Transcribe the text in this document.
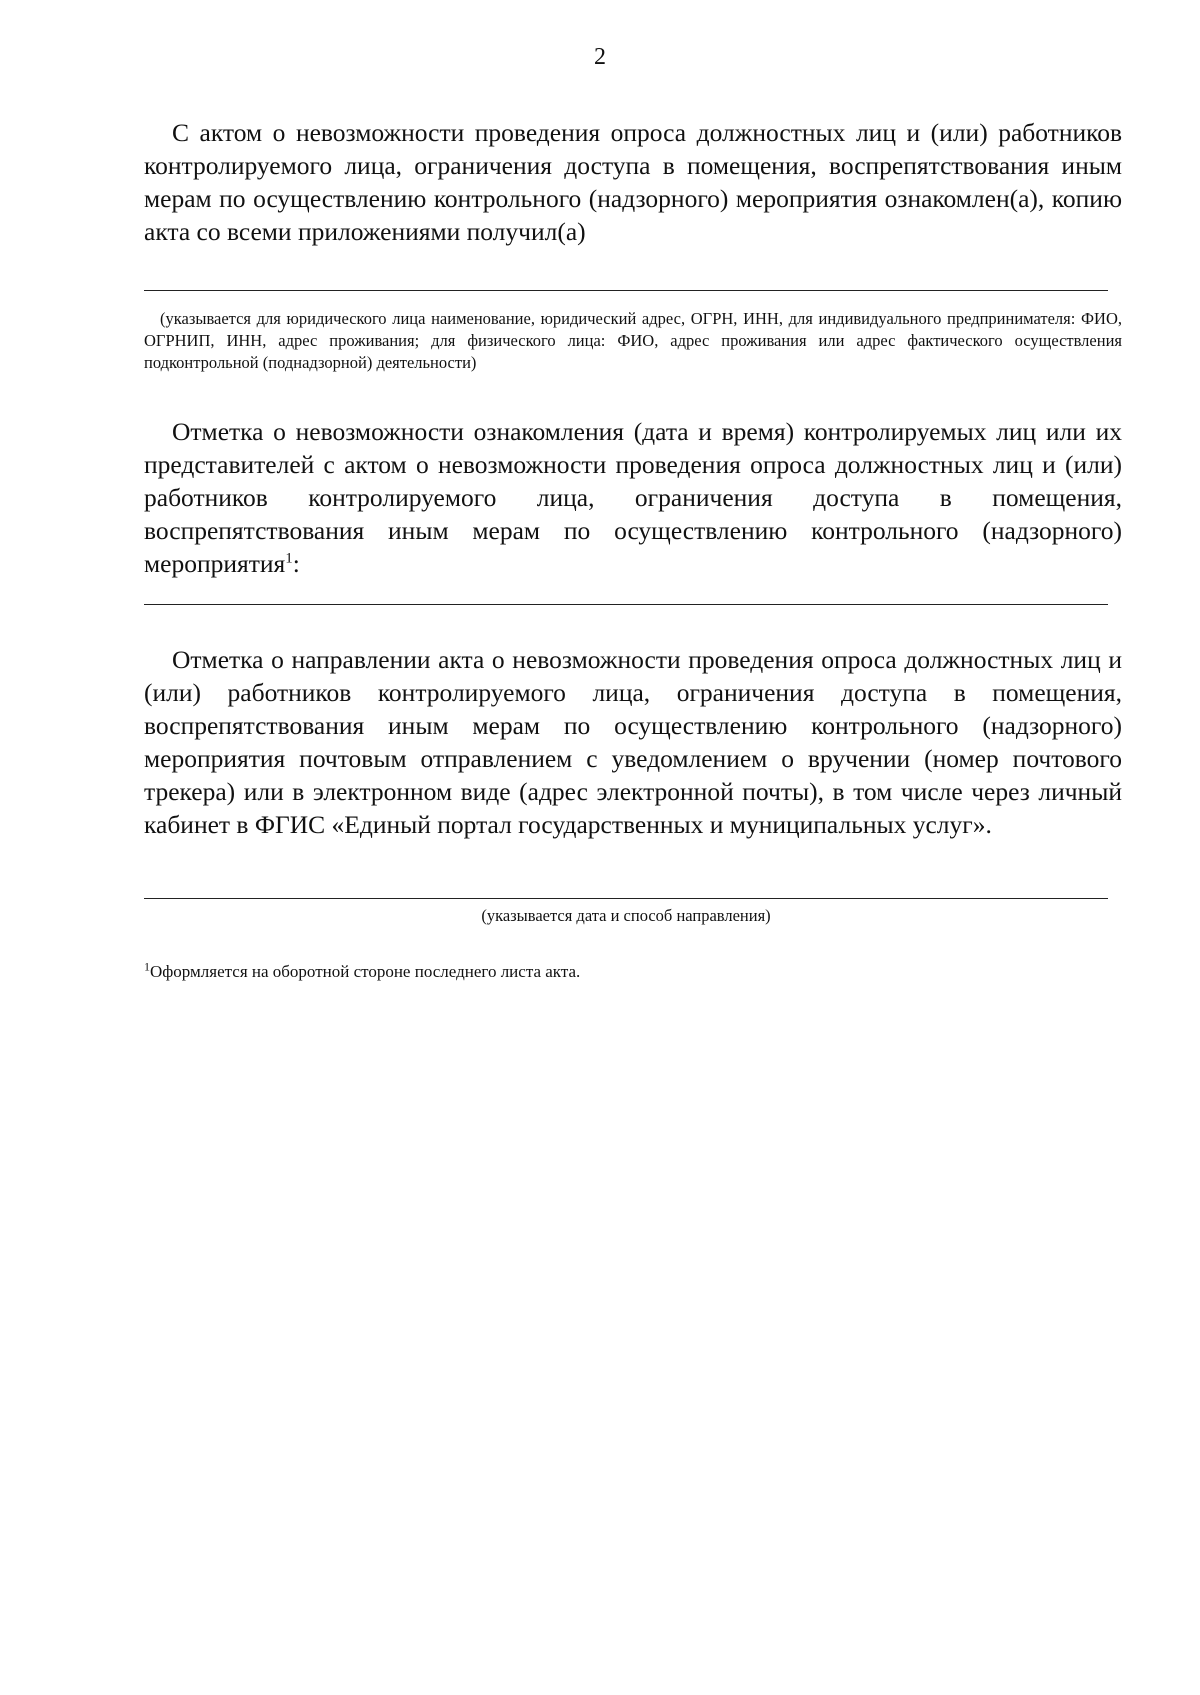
2

С актом о невозможности проведения опроса должностных лиц и (или) работников контролируемого лица, ограничения доступа в помещения, воспрепятствования иным мерам по осуществлению контрольного (надзорного) мероприятия ознакомлен(а), копию акта со всеми приложениями получил(а)

(указывается для юридического лица наименование, юридический адрес, ОГРН, ИНН, для индивидуального предпринимателя: ФИО, ОГРНИП, ИНН, адрес проживания; для физического лица: ФИО, адрес проживания или адрес фактического осуществления подконтрольной (поднадзорной) деятельности)

Отметка о невозможности ознакомления (дата и время) контролируемых лиц или их представителей с актом о невозможности проведения опроса должностных лиц и (или) работников контролируемого лица, ограничения доступа в помещения, воспрепятствования иным мерам по осуществлению контрольного (надзорного) мероприятия$^1$:

Отметка о направлении акта о невозможности проведения опроса должностных лиц и (или) работников контролируемого лица, ограничения доступа в помещения, воспрепятствования иным мерам по осуществлению контрольного (надзорного) мероприятия почтовым отправлением с уведомлением о вручении (номер почтового трекера) или в электронном виде (адрес электронной почты), в том числе через личный кабинет в ФГИС «Единый портал государственных и муниципальных услуг».

(указывается дата и способ направления)

$^1$Оформляется на оборотной стороне последнего листа акта.
